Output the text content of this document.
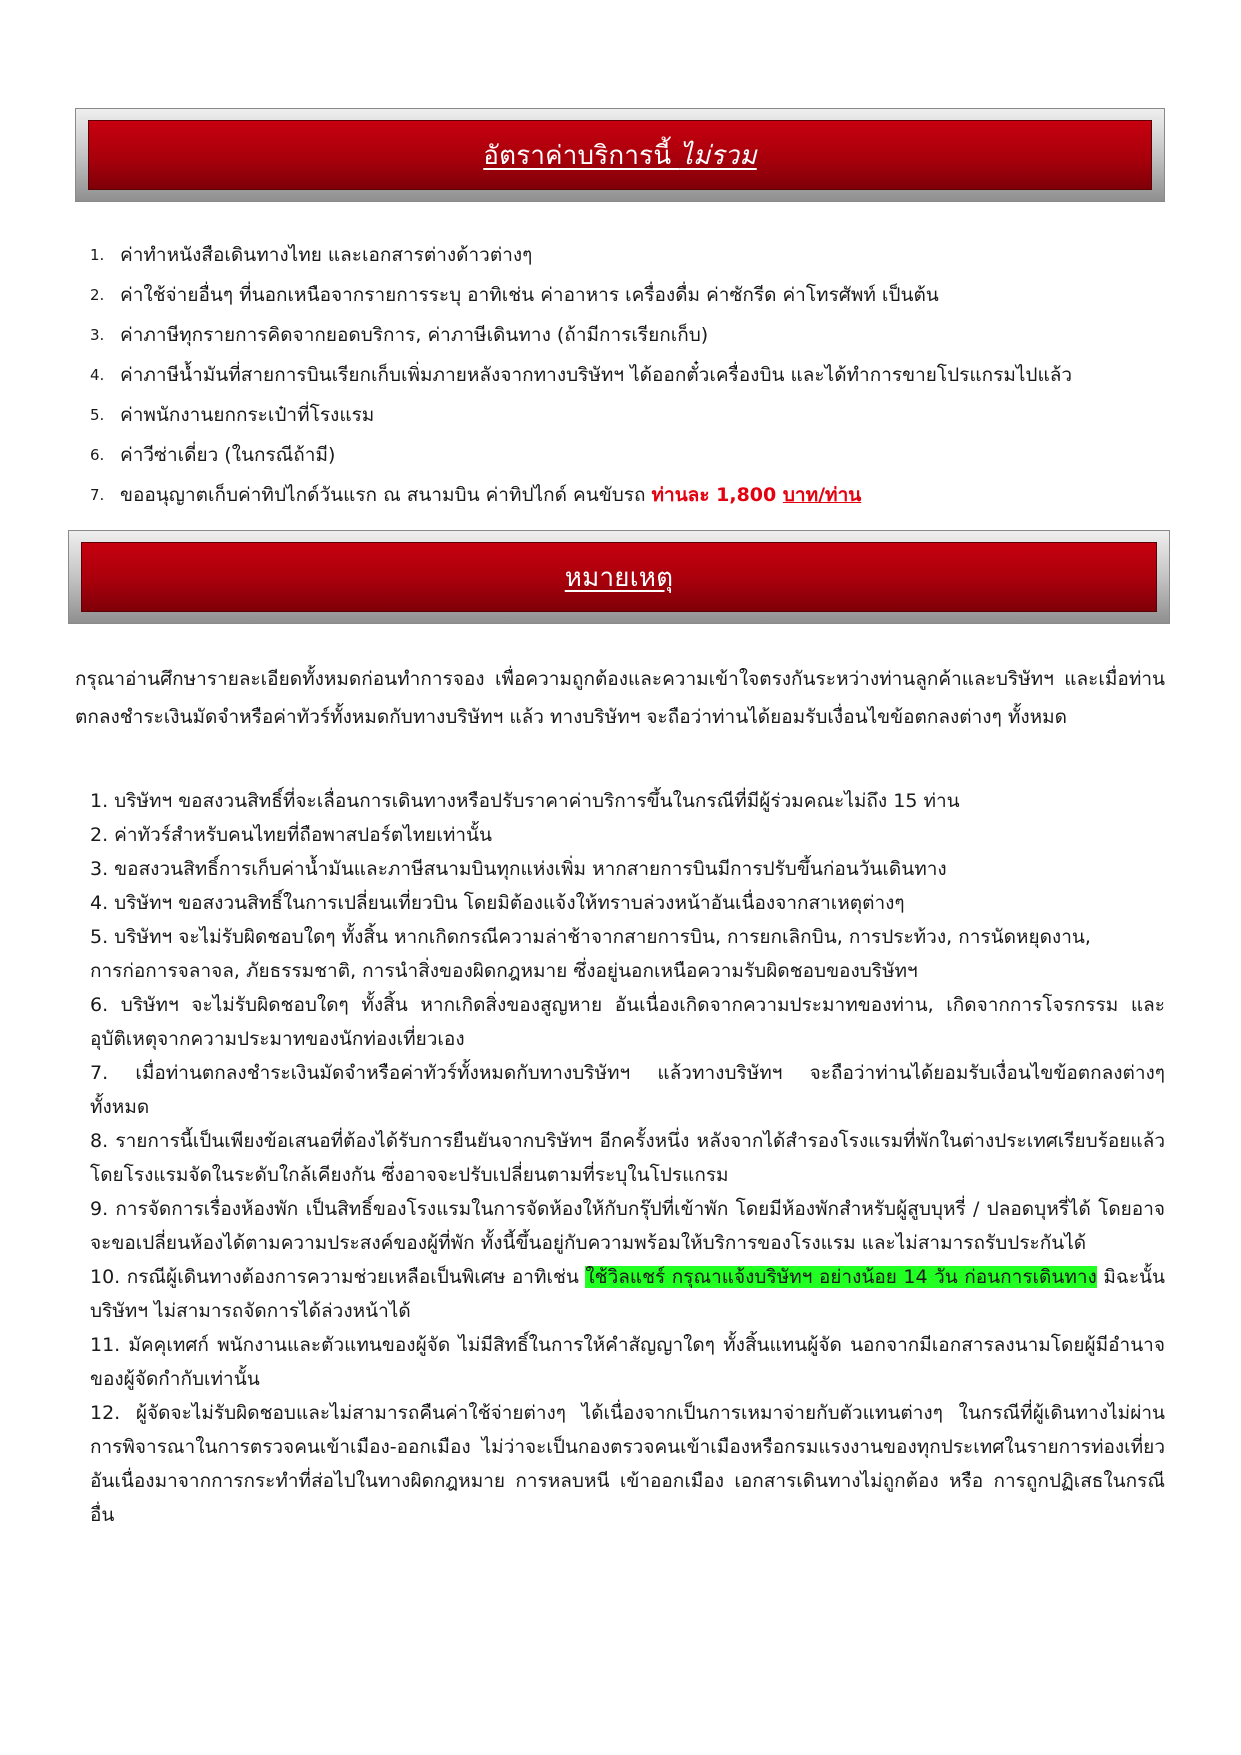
อัตราค่าบริการนี้ ไม่รวม
1. ค่าทำหนังสือเดินทางไทย และเอกสารต่างด้าวต่างๆ
2. ค่าใช้จ่ายอื่นๆ ที่นอกเหนือจากรายการระบุ อาทิเช่น ค่าอาหาร เครื่องดื่ม ค่าซักรีด ค่าโทรศัพท์ เป็นต้น
3. ค่าภาษีทุกรายการคิดจากยอดบริการ, ค่าภาษีเดินทาง (ถ้ามีการเรียกเก็บ)
4. ค่าภาษีน้ำมันที่สายการบินเรียกเก็บเพิ่มภายหลังจากทางบริษัทฯ ได้ออกตั๋วเครื่องบิน และได้ทำการขายโปรแกรมไปแล้ว
5. ค่าพนักงานยกกระเป๋าที่โรงแรม
6. ค่าวีซ่าเดี่ยว (ในกรณีถ้ามี)
7. ขออนุญาตเก็บค่าทิปไกด์วันแรก ณ สนามบิน ค่าทิปไกด์ คนขับรถ ท่านละ 1,800 บาท/ท่าน
หมายเหตุ
กรุณาอ่านศึกษารายละเอียดทั้งหมดก่อนทำการจอง เพื่อความถูกต้องและความเข้าใจตรงกันระหว่างท่านลูกค้าและบริษัทฯ และเมื่อท่านตกลงชำระเงินมัดจำหรือค่าทัวร์ทั้งหมดกับทางบริษัทฯ แล้ว ทางบริษัทฯ จะถือว่าท่านได้ยอมรับเงื่อนไขข้อตกลงต่างๆ ทั้งหมด

1. บริษัทฯ ขอสงวนสิทธิ์ที่จะเลื่อนการเดินทางหรือปรับราคาค่าบริการขึ้นในกรณีที่มีผู้ร่วมคณะไม่ถึง 15 ท่าน

2. ค่าทัวร์สำหรับคนไทยที่ถือพาสปอร์ตไทยเท่านั้น

3. ขอสงวนสิทธิ์การเก็บค่าน้ำมันและภาษีสนามบินทุกแห่งเพิ่ม หากสายการบินมีการปรับขึ้นก่อนวันเดินทาง

4. บริษัทฯ ขอสงวนสิทธิ์ในการเปลี่ยนเที่ยวบิน โดยมิต้องแจ้งให้ทราบล่วงหน้าอันเนื่องจากสาเหตุต่างๆ

5. บริษัทฯ จะไม่รับผิดชอบใดๆ ทั้งสิ้น หากเกิดกรณีความล่าช้าจากสายการบิน, การยกเลิกบิน, การประท้วง, การนัดหยุดงาน,

การก่อการจลาจล, ภัยธรรมชาติ, การนำสิ่งของผิดกฎหมาย ซึ่งอยู่นอกเหนือความรับผิดชอบของบริษัทฯ

6. บริษัทฯ จะไม่รับผิดชอบใดๆ ทั้งสิ้น หากเกิดสิ่งของสูญหาย อันเนื่องเกิดจากความประมาทของท่าน, เกิดจากการโจรกรรม และ อุบัติเหตุจากความประมาทของนักท่องเที่ยวเอง

7. เมื่อท่านตกลงชำระเงินมัดจำหรือค่าทัวร์ทั้งหมดกับทางบริษัทฯ แล้วทางบริษัทฯ จะถือว่าท่านได้ยอมรับเงื่อนไขข้อตกลงต่างๆ ทั้งหมด

8. รายการนี้เป็นเพียงข้อเสนอที่ต้องได้รับการยืนยันจากบริษัทฯ อีกครั้งหนึ่ง หลังจากได้สำรองโรงแรมที่พักในต่างประเทศเรียบร้อยแล้ว โดยโรงแรมจัดในระดับใกล้เคียงกัน ซึ่งอาจจะปรับเปลี่ยนตามที่ระบุในโปรแกรม

9. การจัดการเรื่องห้องพัก เป็นสิทธิ์ของโรงแรมในการจัดห้องให้กับกรุ๊ปที่เข้าพัก โดยมีห้องพักสำหรับผู้สูบบุหรี่ / ปลอดบุหรี่ได้ โดยอาจจะขอเปลี่ยนห้องได้ตามความประสงค์ของผู้ที่พัก ทั้งนี้ขึ้นอยู่กับความพร้อมให้บริการของโรงแรม และไม่สามารถรับประกันได้

10. กรณีผู้เดินทางต้องการความช่วยเหลือเป็นพิเศษ อาทิเช่น ใช้วิลแชร์ กรุณาแจ้งบริษัทฯ อย่างน้อย 14 วัน ก่อนการเดินทาง มิฉะนั้น บริษัทฯ ไม่สามารถจัดการได้ล่วงหน้าได้

11. มัคคุเทศก์ พนักงานและตัวแทนของผู้จัด ไม่มีสิทธิ์ในการให้คำสัญญาใดๆ ทั้งสิ้นแทนผู้จัด นอกจากมีเอกสารลงนามโดยผู้มีอำนาจของผู้จัดกำกับเท่านั้น

12. ผู้จัดจะไม่รับผิดชอบและไม่สามารถคืนค่าใช้จ่ายต่างๆ ได้เนื่องจากเป็นการเหมาจ่ายกับตัวแทนต่างๆ ในกรณีที่ผู้เดินทางไม่ผ่านการพิจารณาในการตรวจคนเข้าเมือง-ออกเมือง ไม่ว่าจะเป็นกองตรวจคนเข้าเมืองหรือกรมแรงงานของทุกประเทศในรายการท่องเที่ยว อันเนื่องมาจากการกระทำที่ส่อไปในทางผิดกฎหมาย การหลบหนี เข้าออกเมือง เอกสารเดินทางไม่ถูกต้อง หรือ การถูกปฏิเสธในกรณีอื่น
